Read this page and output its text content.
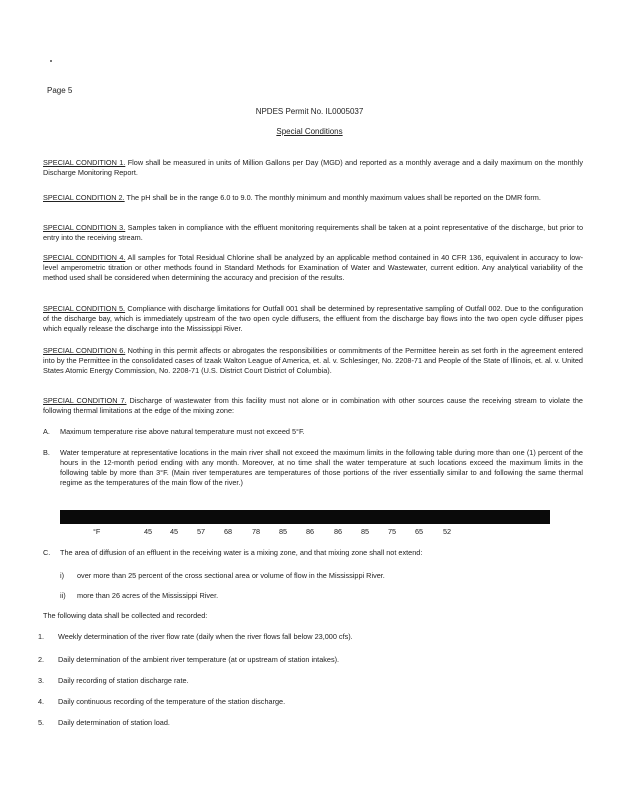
Page 5
NPDES Permit No. IL0005037
Special Conditions

SPECIAL CONDITION 1. Flow shall be measured in units of Million Gallons per Day (MGD) and reported as a monthly average and a daily maximum on the monthly Discharge Monitoring Report.

SPECIAL CONDITION 2. The pH shall be in the range 6.0 to 9.0. The monthly minimum and monthly maximum values shall be reported on the DMR form.

SPECIAL CONDITION 3. Samples taken in compliance with the effluent monitoring requirements shall be taken at a point representative of the discharge, but prior to entry into the receiving stream.

SPECIAL CONDITION 4. All samples for Total Residual Chlorine shall be analyzed by an applicable method contained in 40 CFR 136, equivalent in accuracy to low-level amperometric titration or other methods found in Standard Methods for Examination of Water and Wastewater, current edition. Any analytical variability of the method used shall be considered when determining the accuracy and precision of the results.

SPECIAL CONDITION 5. Compliance with discharge limitations for Outfall 001 shall be determined by representative sampling of Outfall 002. Due to the configuration of the discharge bay, which is immediately upstream of the two open cycle diffusers, the effluent from the discharge bay flows into the two open cycle diffuser pipes which equally release the discharge into the Mississippi River.

SPECIAL CONDITION 6. Nothing in this permit affects or abrogates the responsibilities or commitments of the Permittee herein as set forth in the agreement entered into by the Permittee in the consolidated cases of Izaak Walton League of America, et. al. v. Schlesinger, No. 2208-71 and People of the State of Illinois, et. al. v. United States Atomic Energy Commission, No. 2208-71 (U.S. District Court District of Columbia).

SPECIAL CONDITION 7. Discharge of wastewater from this facility must not alone or in combination with other sources cause the receiving stream to violate the following thermal limitations at the edge of the mixing zone:

A. Maximum temperature rise above natural temperature must not exceed 5°F.
B. Water temperature at representative locations in the main river shall not exceed the maximum limits in the following table during more than one (1) percent of the hours in the 12-month period ending with any month. Moreover, at no time shall the water temperature at such locations exceed the maximum limits in the following table by more than 3°F. (Main river temperatures are temperatures of those portions of the river essentially similar to and following the same thermal regime as the temperatures of the main flow of the river.)
°F	45 45	57	68	78	85	86	86	85	75	65	52
C. The area of diffusion of an effluent in the receiving water is a mixing zone, and that mixing zone shall not extend:
i) over more than 25 percent of the cross sectional area or volume of flow in the Mississippi River.
ii) more than 26 acres of the Mississippi River.
The following data shall be collected and recorded:
1. Weekly determination of the river flow rate (daily when the river flows fall below 23,000 cfs).
2. Daily determination of the ambient river temperature (at or upstream of station intakes).
3. Daily recording of station discharge rate.
4. Daily continuous recording of the temperature of the station discharge.
5. Daily determination of station load.
